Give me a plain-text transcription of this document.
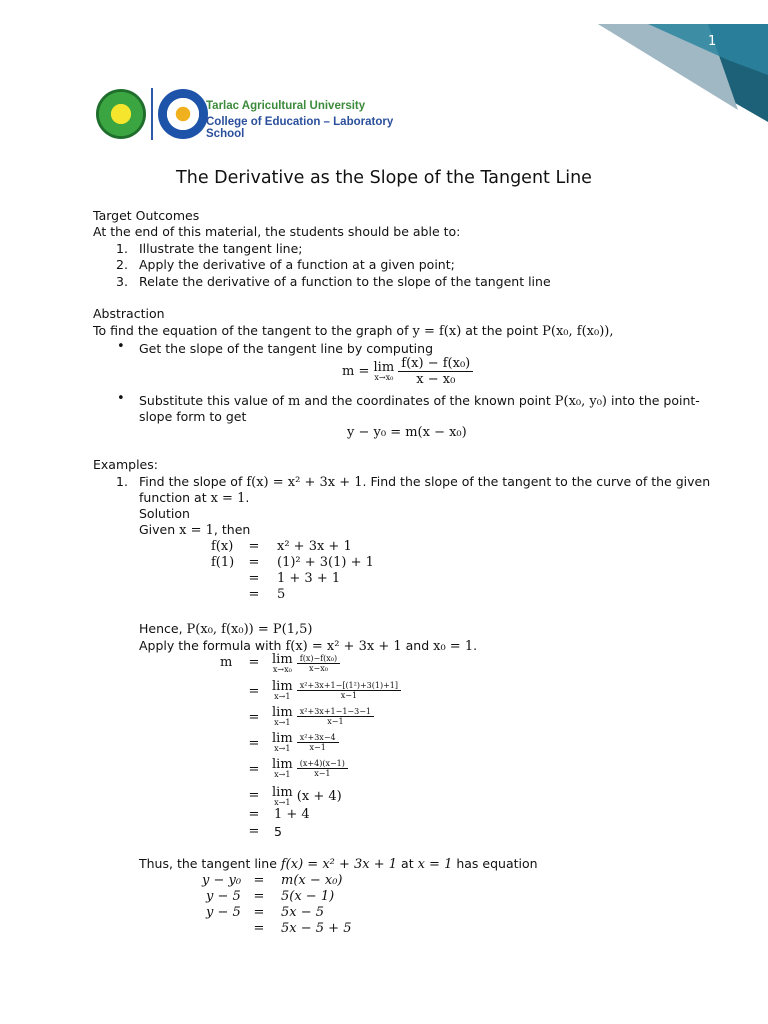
1
Tarlac Agricultural University
College of Education – Laboratory School
The Derivative as the Slope of the Tangent Line
Target Outcomes
At the end of this material, the students should be able to:
1. Illustrate the tangent line;
2. Apply the derivative of a function at a given point;
3. Relate the derivative of a function to the slope of the tangent line
Abstraction
To find the equation of the tangent to the graph of y = f(x) at the point P(x₀, f(x₀)),
• Get the slope of the tangent line by computing
m = lim
x→x₀
$\frac{\text{f(x) − f(x₀)}}{\text{x − x₀}}$
• Substitute this value of m and the coordinates of the known point P(x₀, y₀) into the point-
slope form to get
y − y₀ = m(x − x₀)
Examples:
1. Find the slope of f(x) = x² + 3x + 1. Find the slope of the tangent to the curve of the given
function at x = 1.
Solution
Given x = 1, then
f(x)	=	x² + 3x + 1
f(1)	=	(1)² + 3(1) + 1
=	1 + 3 + 1
=	5
Hence, P(x₀, f(x₀)) = P(1,5)
Apply the formula with f(x) = x² + 3x + 1 and x₀ = 1.
m	= lim
x→x₀
$\frac{\text{f(x)−f(x₀)}}{\text{x−x₀}}$
= lim
x→1
$\frac{\text{x²+3x+1−[(1²)+3(1)+1]}}{x-1}$
= lim
x→1
$\frac{\text{x²+3x+1−1−3−1}}{x-1}$
= lim
x→1
$\frac{\text{x²+3x−4}}{x-1}$
= lim
x→1
$\frac{(x+4)(x-1)}{x-1}$
= lim
x→1 (x + 4)
=	1 + 4
=	5
Thus, the tangent line f(x) = x² + 3x + 1 at x = 1 has equation
y − y₀ =	m(x − x₀)
y − 5 =	5(x − 1)
y − 5 =	5x − 5
=	5x − 5 + 5
